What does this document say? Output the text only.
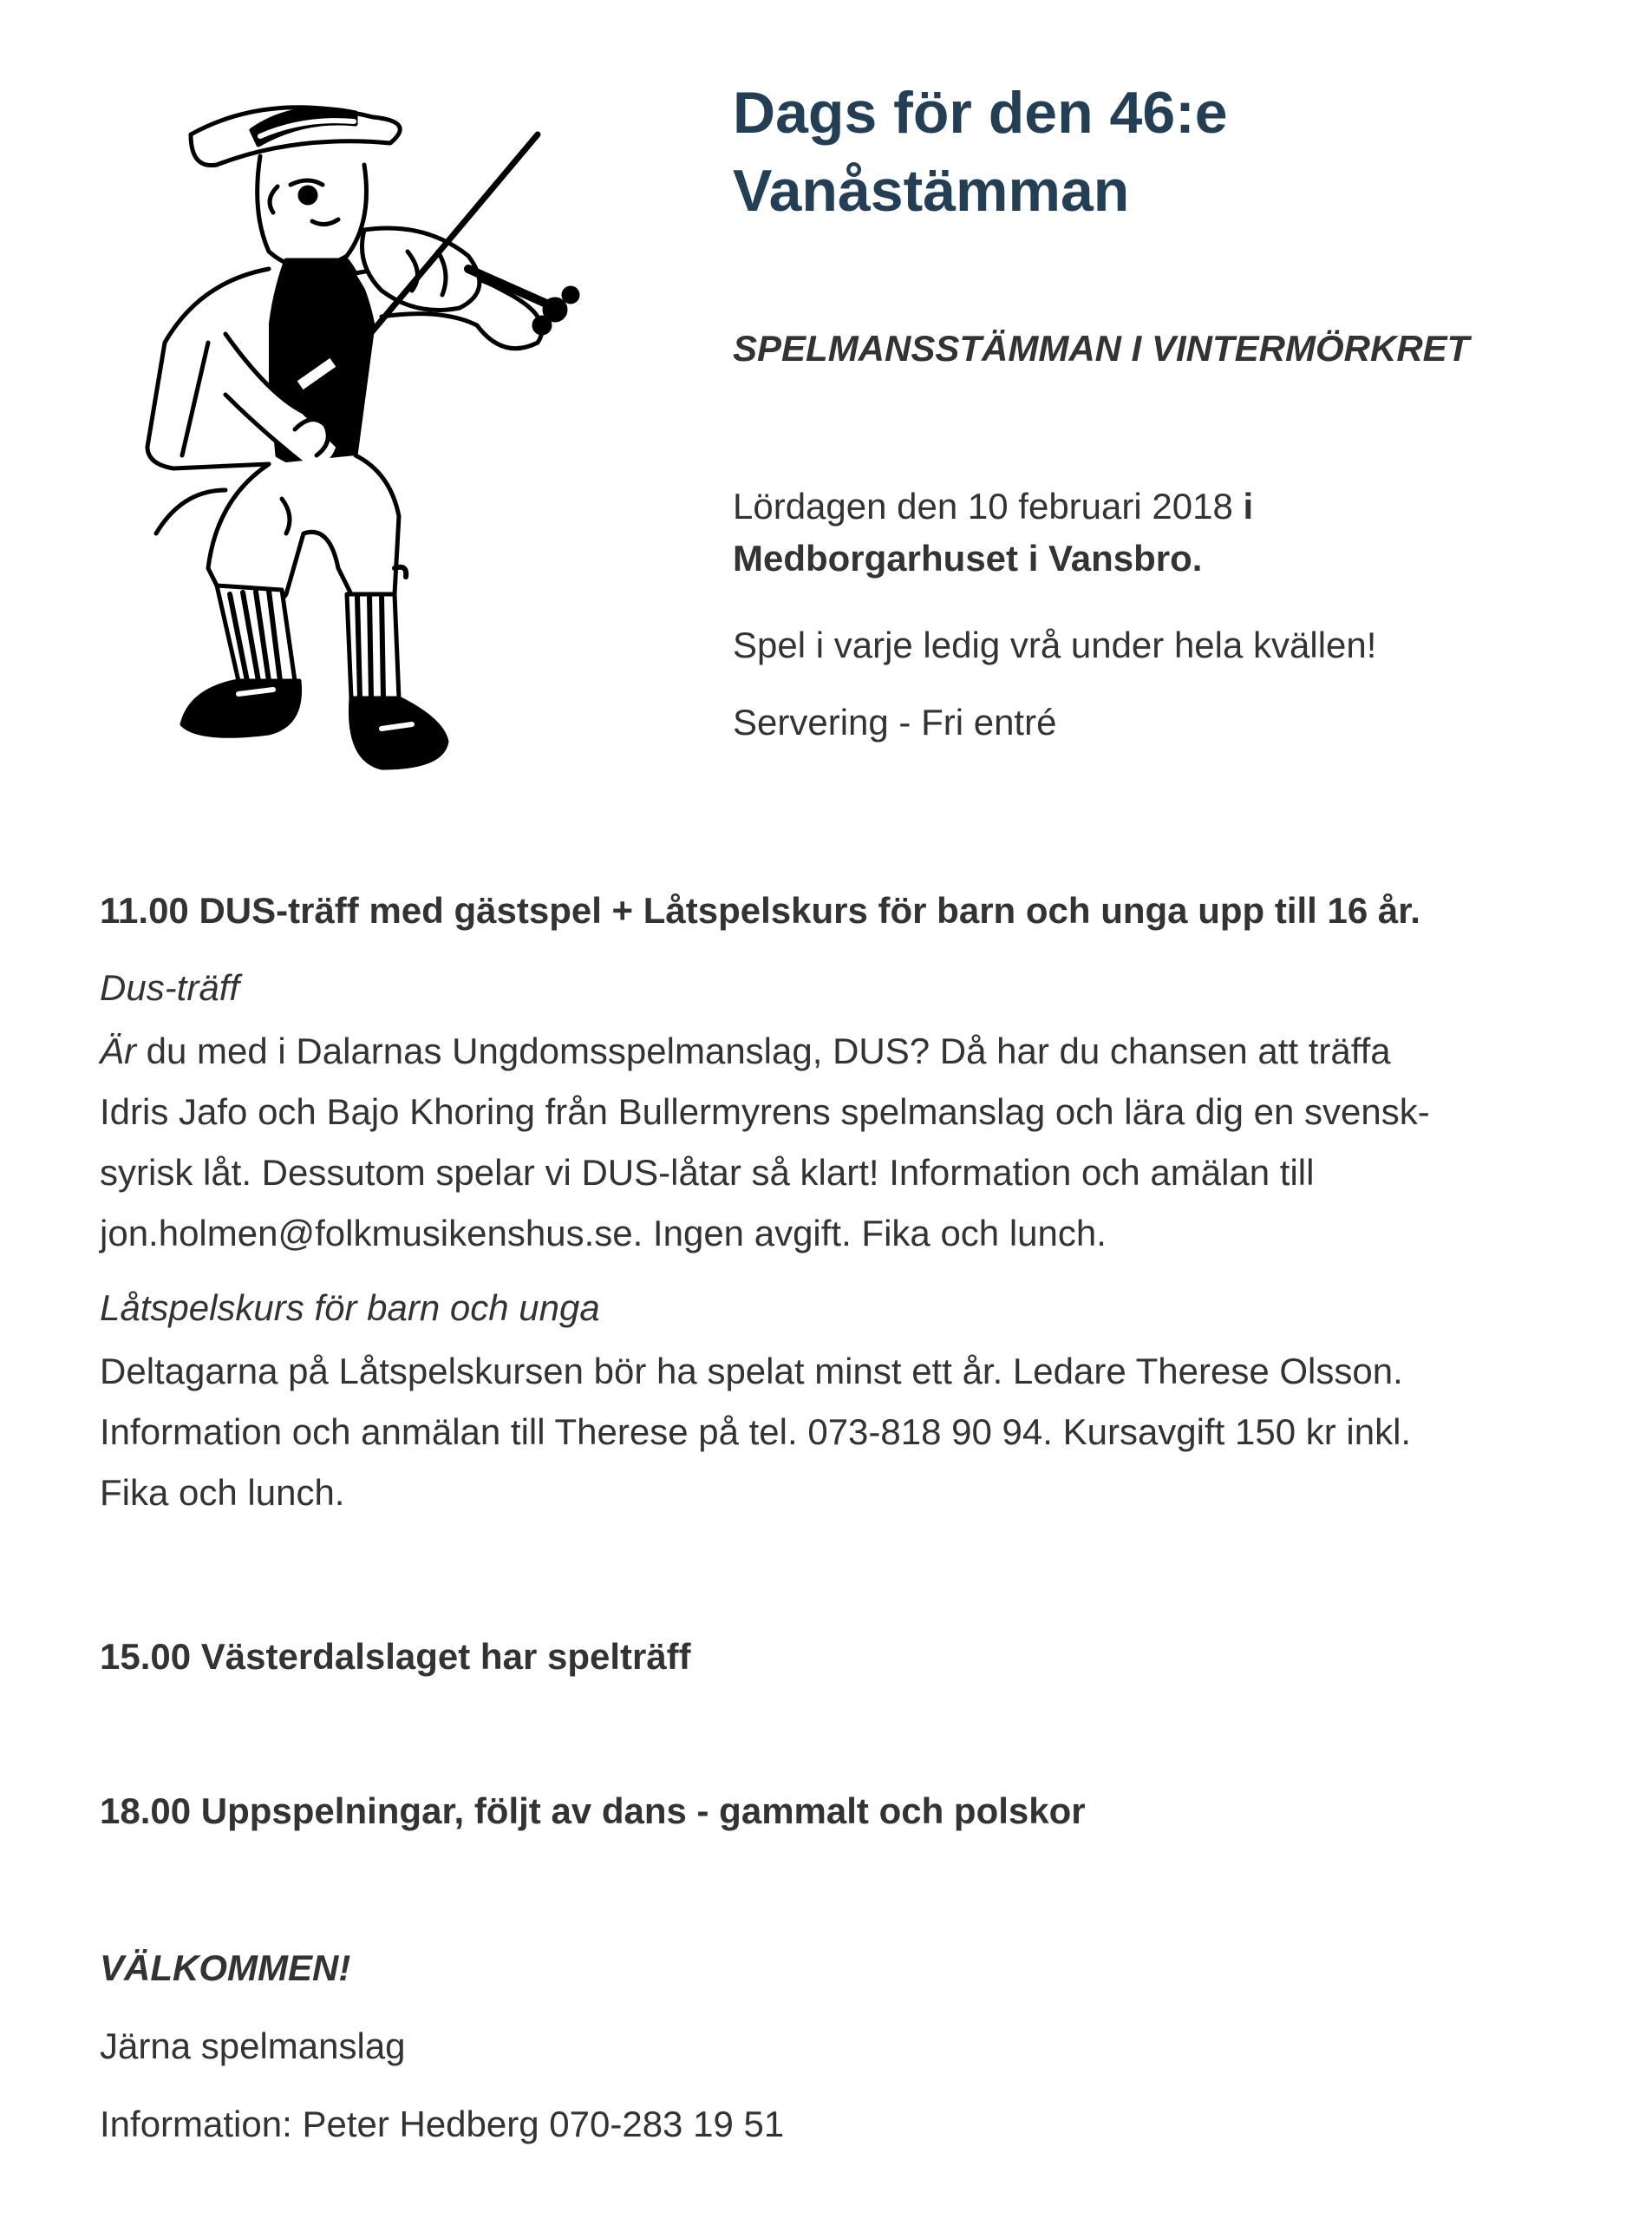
Dags för den 46:e
Vanåstämman
SPELMANSSTÄMMAN I VINTERMÖRKRET
Lördagen den 10 februari 2018 i
Medborgarhuset i Vansbro.
Spel i varje ledig vrå under hela kvällen!
Servering - Fri entré
11.00 DUS-träff med gästspel + Låtspelskurs för barn och unga upp till 16 år.
Dus-träff
Är du med i Dalarnas Ungdomsspelmanslag, DUS? Då har du chansen att träffa
Idris Jafo och Bajo Khoring från Bullermyrens spelmanslag och lära dig en svensk-
syrisk låt. Dessutom spelar vi DUS-låtar så klart! Information och amälan till
jon.holmen@folkmusikenshus.se. Ingen avgift. Fika och lunch.
Låtspelskurs för barn och unga
Deltagarna på Låtspelskursen bör ha spelat minst ett år. Ledare Therese Olsson.
Information och anmälan till Therese på tel. 073-818 90 94. Kursavgift 150 kr inkl.
Fika och lunch.
15.00 Västerdalslaget har spelträff
18.00 Uppspelningar, följt av dans - gammalt och polskor
VÄLKOMMEN!
Järna spelmanslag
Information: Peter Hedberg 070-283 19 51
